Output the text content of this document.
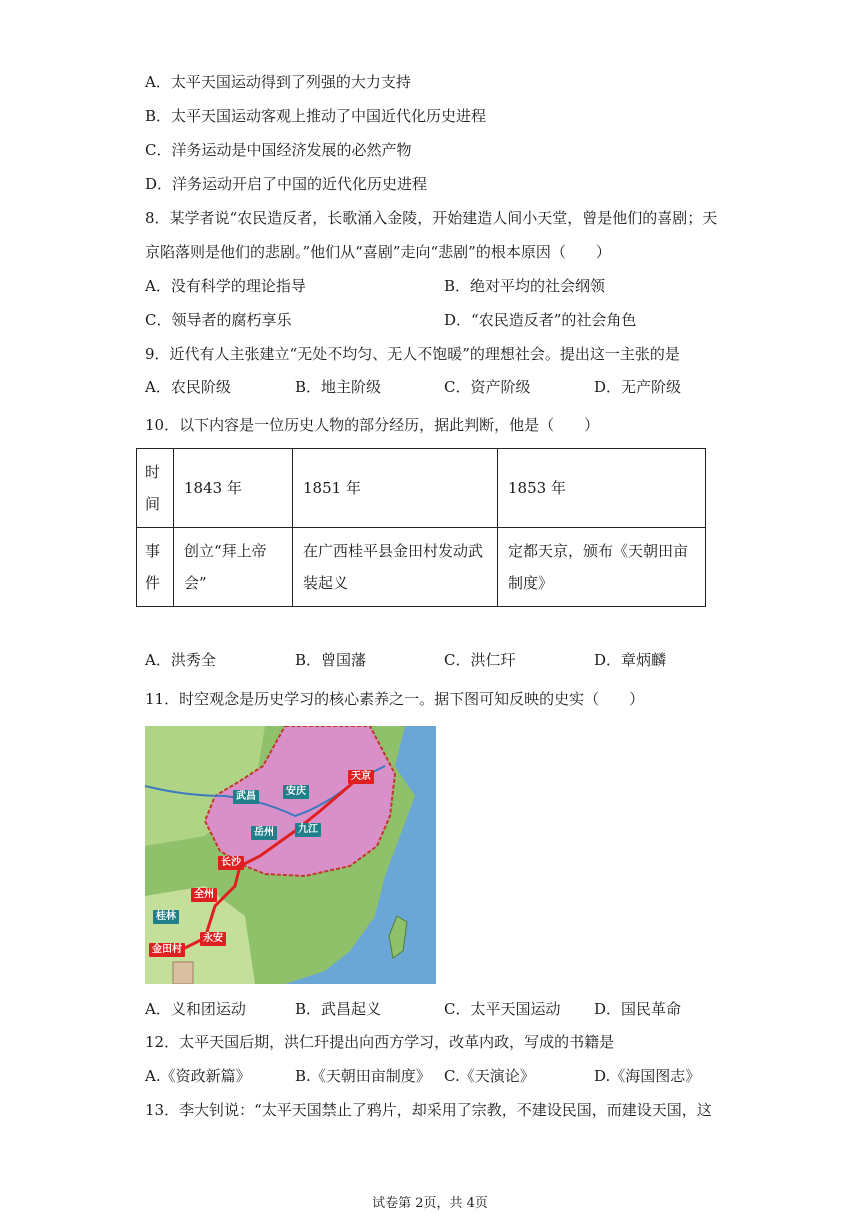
A．太平天国运动得到了列强的大力支持
B．太平天国运动客观上推动了中国近代化历史进程
C．洋务运动是中国经济发展的必然产物
D．洋务运动开启了中国的近代化历史进程
8．某学者说“农民造反者，长歌涌入金陵，开始建造人间小天堂，曾是他们的喜剧；天
京陷落则是他们的悲剧。”他们从“喜剧”走向“悲剧”的根本原因（　　）
A．没有科学的理论指导	B．绝对平均的社会纲领
C．领导者的腐朽享乐	D．“农民造反者”的社会角色
9．近代有人主张建立“无处不均匀、无人不饱暖”的理想社会。提出这一主张的是
A．农民阶级	B．地主阶级	C．资产阶级	D．无产阶级
10．以下内容是一位历史人物的部分经历，据此判断，他是（　　）
时间	1843 年	1851 年	1853 年
事件	创立“拜上帝会”	在广西桂平县金田村发动武装起义	定都天京，颁布《天朝田亩制度》
A．洪秀全	B．曾国藩	C．洪仁玕	D．章炳麟
11．时空观念是历史学习的核心素养之一。据下图可知反映的史实（　　）
天京
武昌	安庆
岳州	九江
长沙
全州
桂林
永安
金田村
A．义和团运动	B．武昌起义	C．太平天国运动 D．国民革命
12．太平天国后期，洪仁玕提出向西方学习，改革内政，写成的书籍是
A.《资政新篇》	B.《天朝田亩制度》 C.《天演论》	D.《海国图志》
13．李大钊说：“太平天国禁止了鸦片，却采用了宗教，不建设民国，而建设天国，这
试卷第 2页，共 4页
